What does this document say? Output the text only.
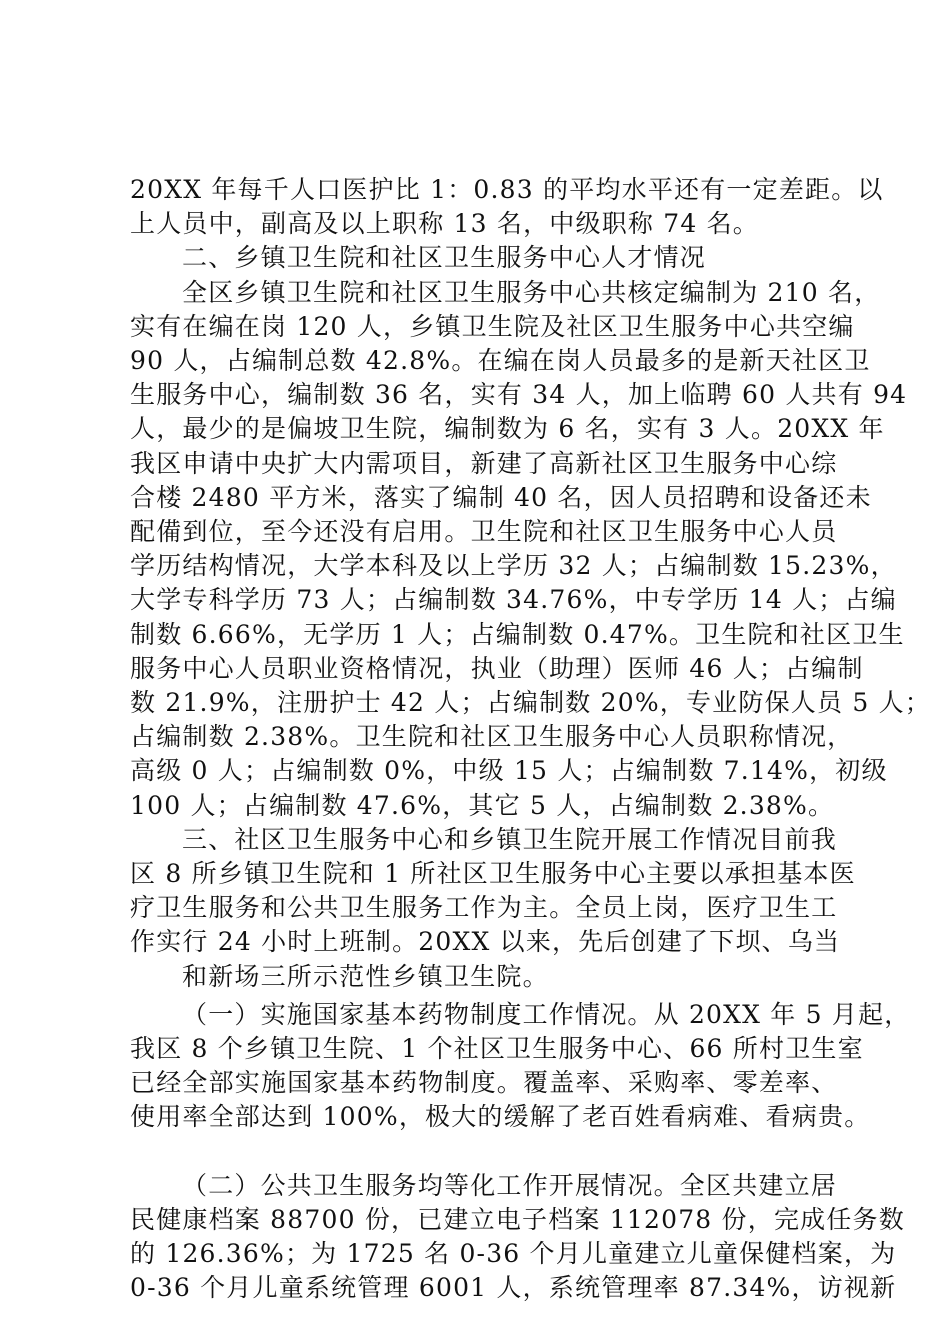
20XX 年每千人口医护比 1：0.83 的平均水平还有一定差距。以
上人员中，副高及以上职称 13 名，中级职称 74 名。
二、乡镇卫生院和社区卫生服务中心人才情况
全区乡镇卫生院和社区卫生服务中心共核定编制为 210 名，
实有在编在岗 120 人，乡镇卫生院及社区卫生服务中心共空编
90 人，占编制总数 42.8%。在编在岗人员最多的是新天社区卫
生服务中心，编制数 36 名，实有 34 人，加上临聘 60 人共有 94
人，最少的是偏坡卫生院，编制数为 6 名，实有 3 人。20XX 年
我区申请中央扩大内需项目，新建了高新社区卫生服务中心综
合楼 2480 平方米，落实了编制 40 名，因人员招聘和设备还未
配備到位，至今还没有启用。卫生院和社区卫生服务中心人员
学历结构情况，大学本科及以上学历 32 人；占编制数 15.23%，
大学专科学历 73 人；占编制数 34.76%，中专学历 14 人；占编
制数 6.66%，无学历 1 人；占编制数 0.47%。卫生院和社区卫生
服务中心人员职业资格情况，执业（助理）医师 46 人；占编制
数 21.9%，注册护士 42 人；占编制数 20%，专业防保人员 5 人；
占编制数 2.38%。卫生院和社区卫生服务中心人员职称情况，
高级 0 人；占编制数 0%，中级 15 人；占编制数 7.14%，初级
100 人；占编制数 47.6%，其它 5 人，占编制数 2.38%。
三、社区卫生服务中心和乡镇卫生院开展工作情况目前我
区 8 所乡镇卫生院和 1 所社区卫生服务中心主要以承担基本医
疗卫生服务和公共卫生服务工作为主。全员上岗，医疗卫生工
作实行 24 小时上班制。20XX 以来，先后创建了下坝、乌当
和新场三所示范性乡镇卫生院。
（一）实施国家基本药物制度工作情况。从 20XX 年 5 月起，
我区 8 个乡镇卫生院、1 个社区卫生服务中心、66 所村卫生室
已经全部实施国家基本药物制度。覆盖率、采购率、零差率、
使用率全部达到 100%，极大的缓解了老百姓看病难、看病贵。
（二）公共卫生服务均等化工作开展情况。全区共建立居
民健康档案 88700 份，已建立电子档案 112078 份，完成任务数
的 126.36%；为 1725 名 0-36 个月儿童建立儿童保健档案，为
0-36 个月儿童系统管理 6001 人，系统管理率 87.34%，访视新
